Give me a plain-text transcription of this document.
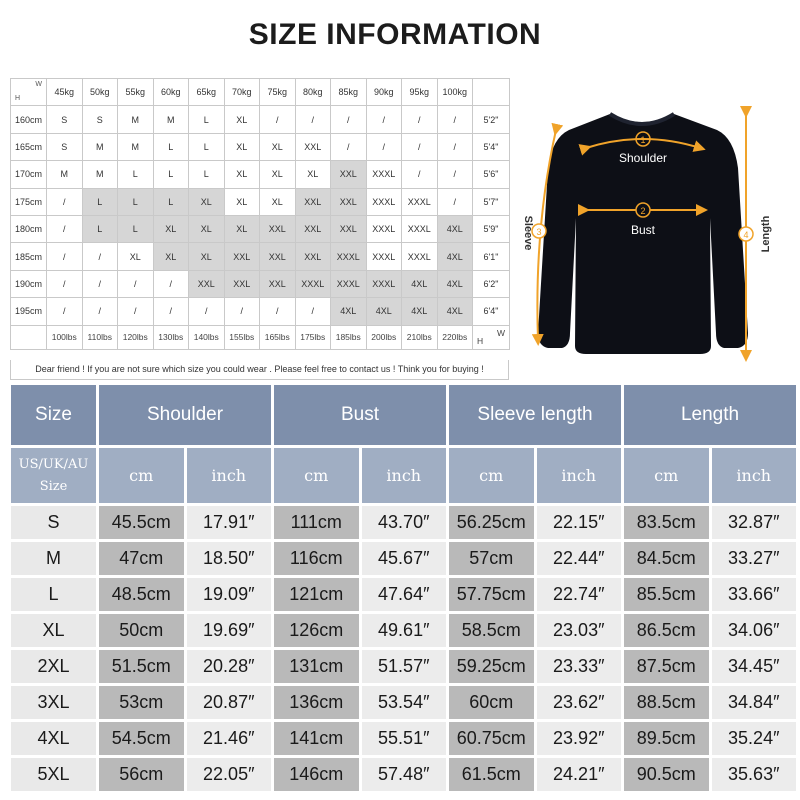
SIZE INFORMATION
H
W	45kg	50kg	55kg	60kg	65kg	70kg	75kg	80kg	85kg	90kg	95kg	100kg	
160cm	S	S	M	M	L	XL	/	/	/	/	/	/	5'2"
165cm	S	M	M	L	L	XL	XL	XXL	/	/	/	/	5'4"
170cm	M	M	L	L	L	XL	XL	XL	XXL	XXXL	/	/	5'6"
175cm	/	L	L	L	XL	XL	XL	XXL	XXL	XXXL	XXXL	/	5'7"
180cm	/	L	L	XL	XL	XL	XXL	XXL	XXL	XXXL	XXXL	4XL	5'9"
185cm	/	/	XL	XL	XL	XXL	XXL	XXL	XXXL	XXXL	XXXL	4XL	6'1"
190cm	/	/	/	/	XXL	XXL	XXL	XXXL	XXXL	XXXL	4XL	4XL	6'2"
195cm	/	/	/	/	/	/	/	/	4XL	4XL	4XL	4XL	6'4"
	100lbs	110lbs	120lbs	130lbs	140lbs	155lbs	165lbs	175lbs	185lbs	200lbs	210lbs	220lbs	W
H
Dear friend ! If you are not sure which size you could wear . Please feel free to contact us ! Think you for buying !
1
Shoulder
2
Bust
3
Sleeve	4 Length
Size	Shoulder		Bust		Sleeve length		Length	
US/UK/AU
Size	cm	inch	cm	inch	cm	inch	cm	inch
S	45.5cm	17.91″	111cm	43.70″	56.25cm	22.15″	83.5cm	32.87″
M	47cm	18.50″	116cm	45.67″	57cm	22.44″	84.5cm	33.27″
L	48.5cm	19.09″	121cm	47.64″	57.75cm	22.74″	85.5cm	33.66″
XL	50cm	19.69″	126cm	49.61″	58.5cm	23.03″	86.5cm	34.06″
2XL	51.5cm	20.28″	131cm	51.57″	59.25cm	23.33″	87.5cm	34.45″
3XL	53cm	20.87″	136cm	53.54″	60cm	23.62″	88.5cm	34.84″
4XL	54.5cm	21.46″	141cm	55.51″	60.75cm	23.92″	89.5cm	35.24″
5XL	56cm	22.05″	146cm	57.48″	61.5cm	24.21″	90.5cm	35.63″
